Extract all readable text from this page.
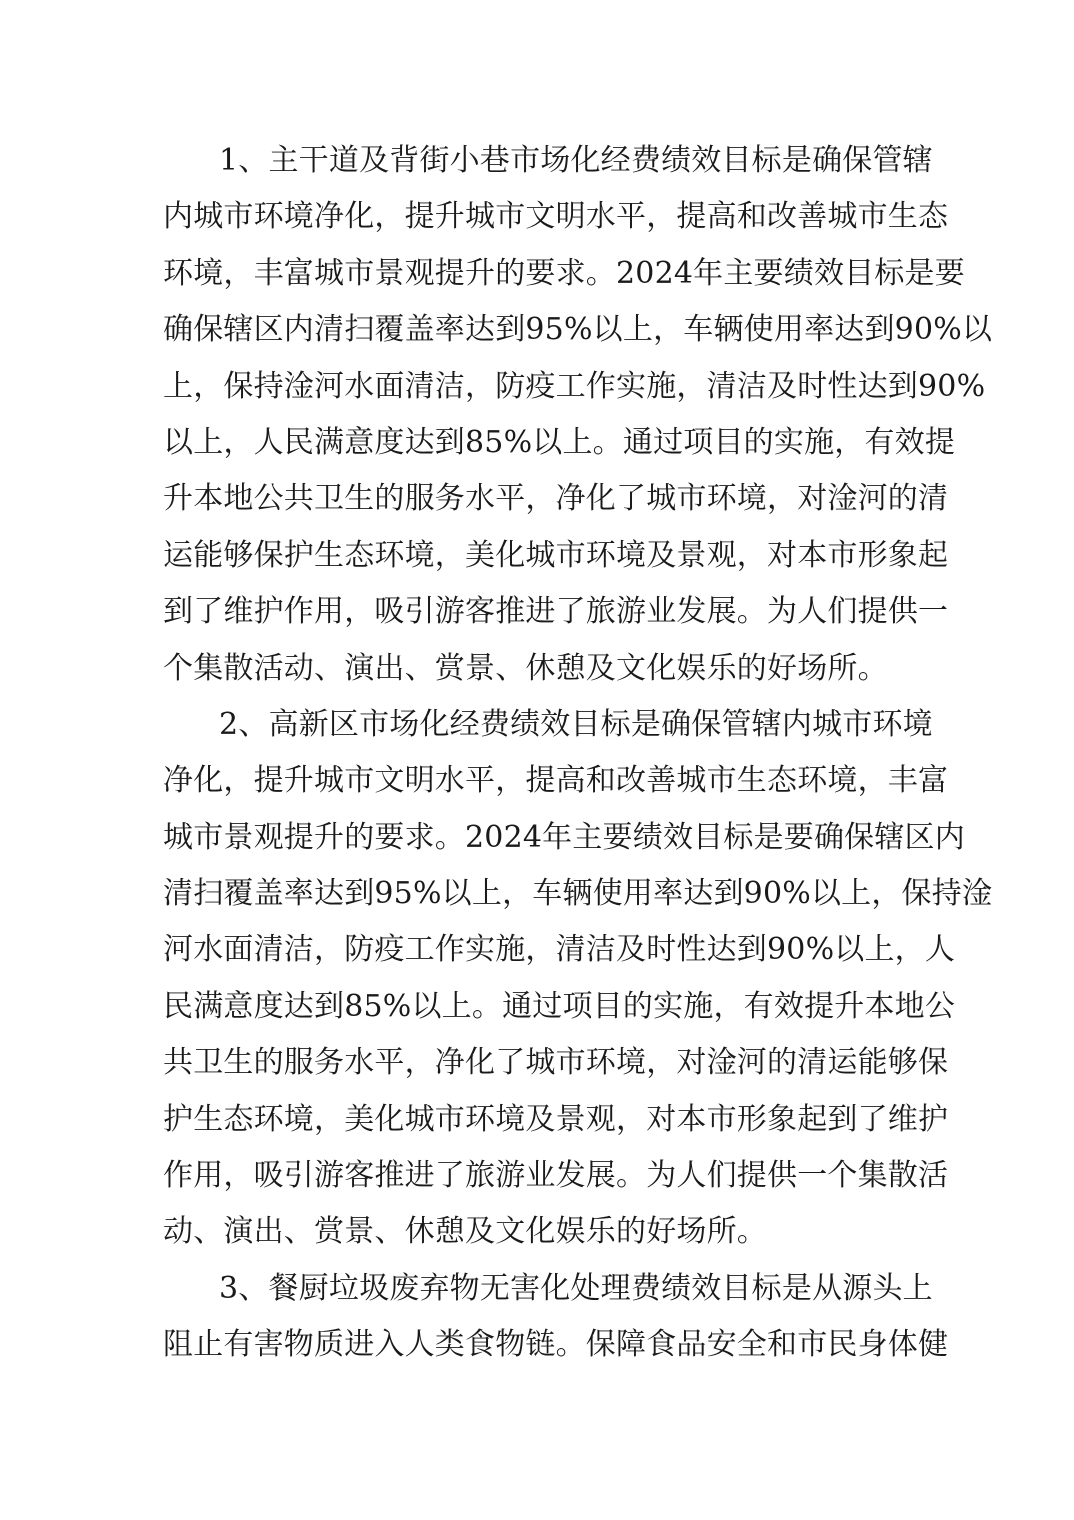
1、主干道及背街小巷市场化经费绩效目标是确保管辖
内城市环境净化，提升城市文明水平，提高和改善城市生态
环境，丰富城市景观提升的要求。2024年主要绩效目标是要
确保辖区内清扫覆盖率达到95%以上，车辆使用率达到90%以
上，保持淦河水面清洁，防疫工作实施，清洁及时性达到90%
以上，人民满意度达到85%以上。通过项目的实施，有效提
升本地公共卫生的服务水平，净化了城市环境，对淦河的清
运能够保护生态环境，美化城市环境及景观，对本市形象起
到了维护作用，吸引游客推进了旅游业发展。为人们提供一
个集散活动、演出、赏景、休憩及文化娱乐的好场所。
2、高新区市场化经费绩效目标是确保管辖内城市环境
净化，提升城市文明水平，提高和改善城市生态环境，丰富
城市景观提升的要求。2024年主要绩效目标是要确保辖区内
清扫覆盖率达到95%以上，车辆使用率达到90%以上，保持淦
河水面清洁，防疫工作实施，清洁及时性达到90%以上，人
民满意度达到85%以上。通过项目的实施，有效提升本地公
共卫生的服务水平，净化了城市环境，对淦河的清运能够保
护生态环境，美化城市环境及景观，对本市形象起到了维护
作用，吸引游客推进了旅游业发展。为人们提供一个集散活
动、演出、赏景、休憩及文化娱乐的好场所。
3、餐厨垃圾废弃物无害化处理费绩效目标是从源头上
阻止有害物质进入人类食物链。保障食品安全和市民身体健
